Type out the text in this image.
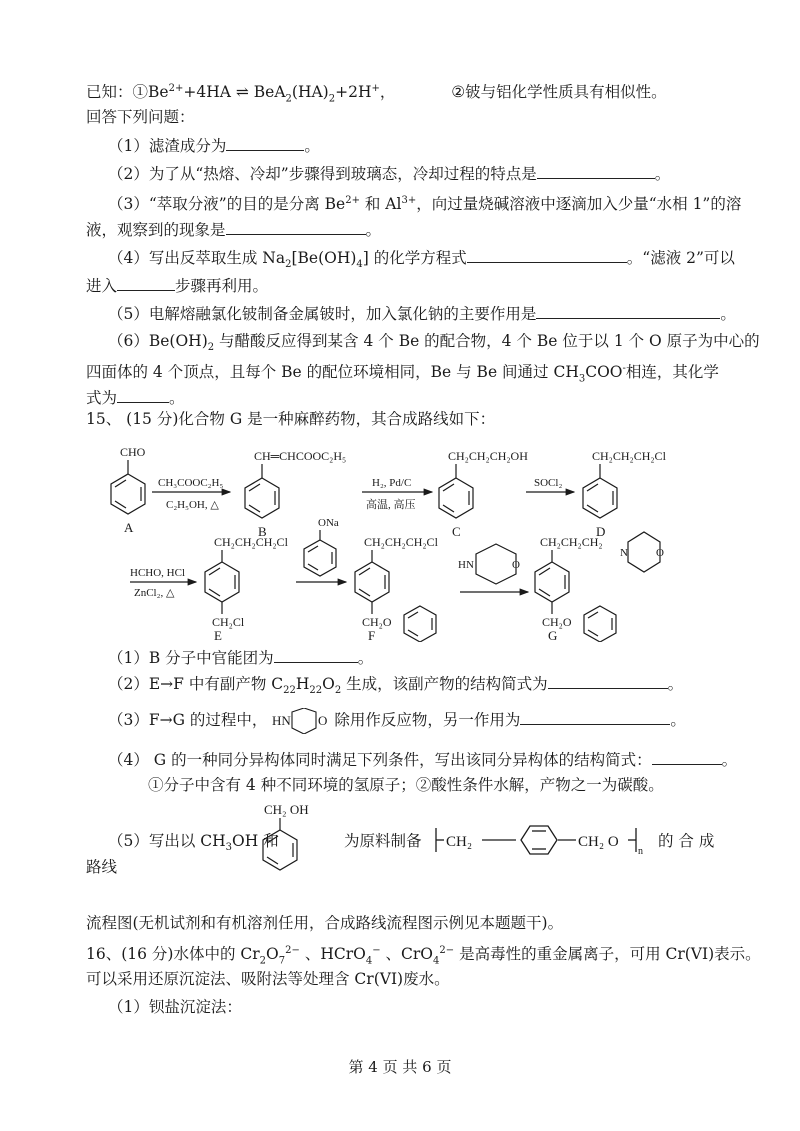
已知：$①Be^{2+}+4HA$ ⇌ $BeA_2(HA)_2+2H^+$，	②铍与铝化学性质具有相似性。
回答下列问题：
（1）滤渣成分为	。
（2）为了从“热熔、冷却”步骤得到玻璃态，冷却过程的特点是	。
（3）“萃取分液”的目的是分离 $Be^{2+}$ 和 $Al^{3+}$，向过量烧碱溶液中逐滴加入少量“水相 1”的溶
液，观察到的现象是	。
（4）写出反萃取生成 $Na_2[Be(OH)_4]$ 的化学方程式	。“滤液 2”可以
进入	步骤再利用。
（5）电解熔融氯化铍制备金属铍时，加入氯化钠的主要作用是	。
$(6)Be(OH)_2$ 与醋酸反应得到某含 4 个 Be 的配合物，4 个 Be 位于以 1 个 O 原子为中心的
四面体的 4 个顶点，且每个 Be 的配位环境相同，Be 与 Be 间通过 $CH_3COO^-$相连，其化学
式为	。
15、 (15 分)化合物 G 是一种麻醉药物，其合成路线如下：
CHO
A
CH₃COOC₂H₅
C₂H₅OH, △
CH═CHCOOC₂H₅
B
H₂, Pd/C
高温, 高压
CH₂CH₂CH₂OH
C
SOCl₂
CH₂CH₂CH₂Cl
D
HCHO, HCl
ZnCl₂, △
CH₂CH₂CH₂Cl
CH₂Cl
E
ONa
CH₂CH₂CH₂Cl
CH₂O
F
HN	O
CH₂CH₂CH₂
N	O
CH₂O
G
（1）B 分子中官能团为	。
（2）E→F 中有副产物 $C_{22}H_{22}O_2$ 生成，该副产物的结构简式为	。
（3）F→G 的过程中， HN O 除用作反应物，另一作用为	。
（4） G 的一种同分异构体同时满足下列条件，写出该同分异构体的结构简式：	。
①分子中含有 4 种不同环境的氢原子；②酸性条件水解，产物之一为碳酸。
（5）写出以 $CH_3OH$ 和
CH₂ OH
为原料制备 CH₂	CH₂ O
n
的 合 成
路线
流程图(无机试剂和有机溶剂任用，合成路线流程图示例见本题题干)。
16、(16 分)水体中的 $Cr_2O_7^{2-}$ 、HCrO$_4$− 、CrO$_4^{2-}$ 是高毒性的重金属离子，可用 Cr(VI)表示。
可以采用还原沉淀法、吸附法等处理含 Cr(VI)废水。
（1）钡盐沉淀法：
第 4 页 共 6 页
